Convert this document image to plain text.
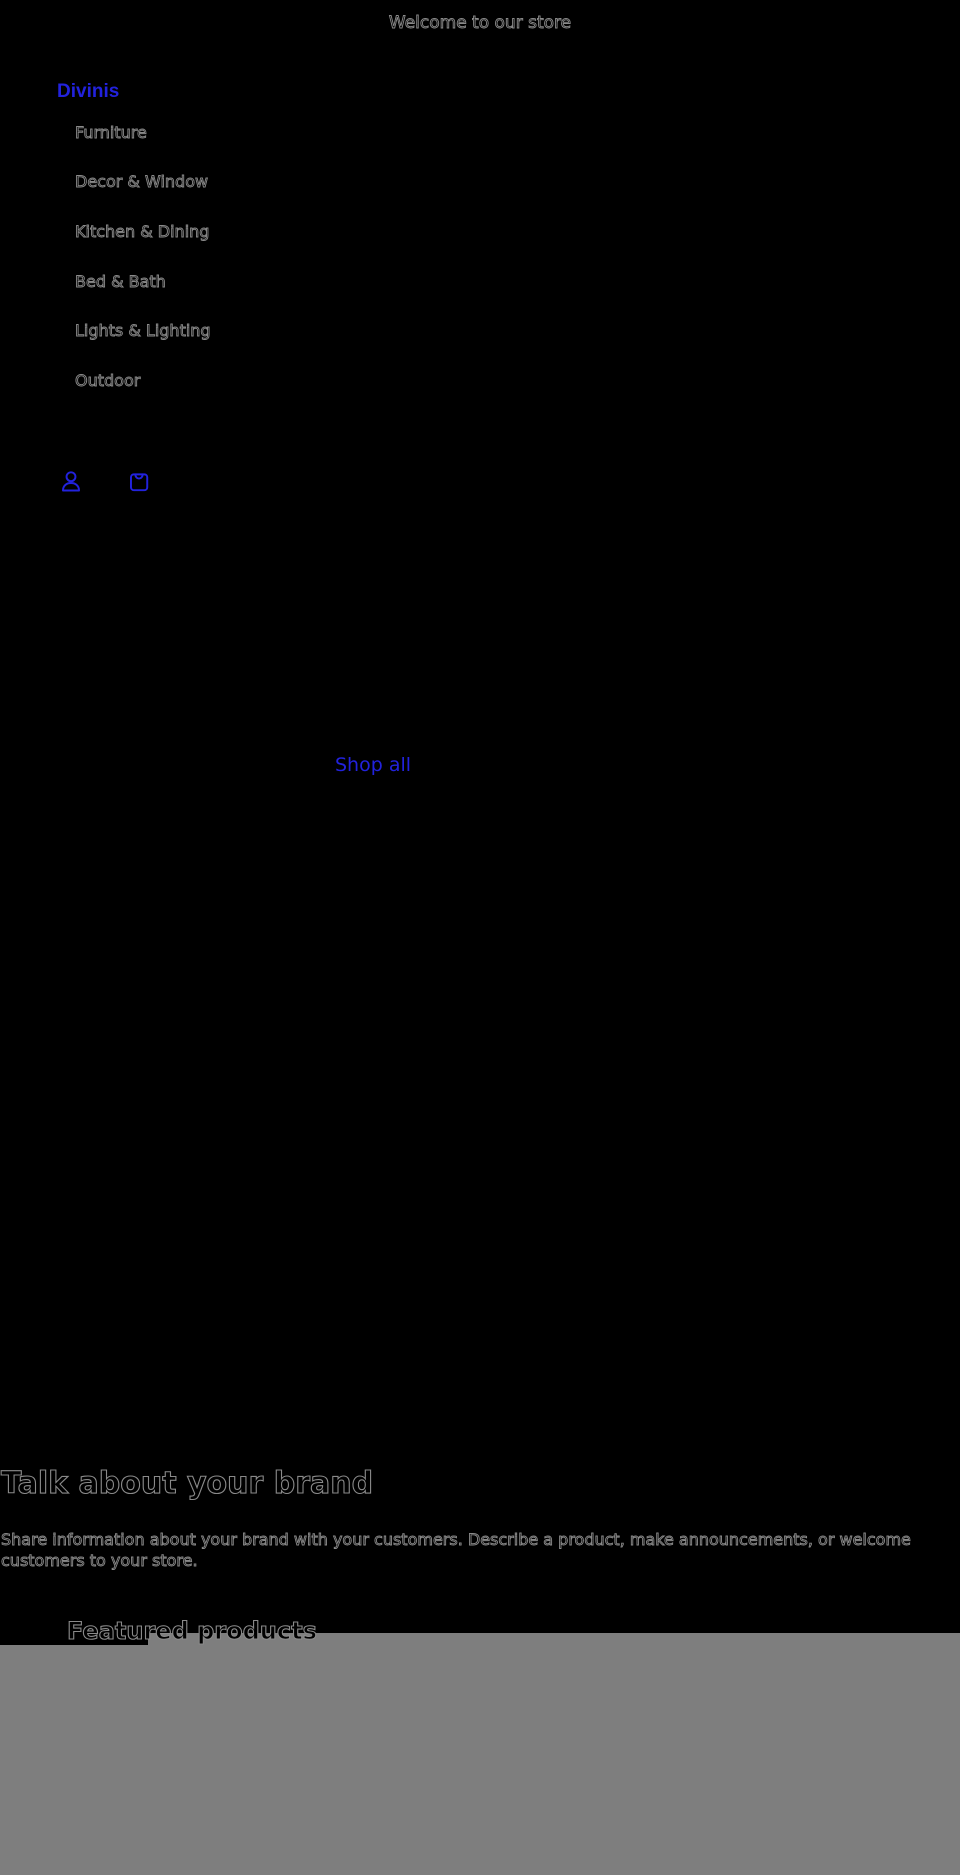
Welcome to our store
Divinis
Furniture
Decor & Window
Kitchen & Dining
Bed & Bath
Lights & Lighting
Outdoor
Shop all
Talk about your brand

Share information about your brand with your customers. Describe a product, make announcements, or welcome customers to your store.

Featured products
